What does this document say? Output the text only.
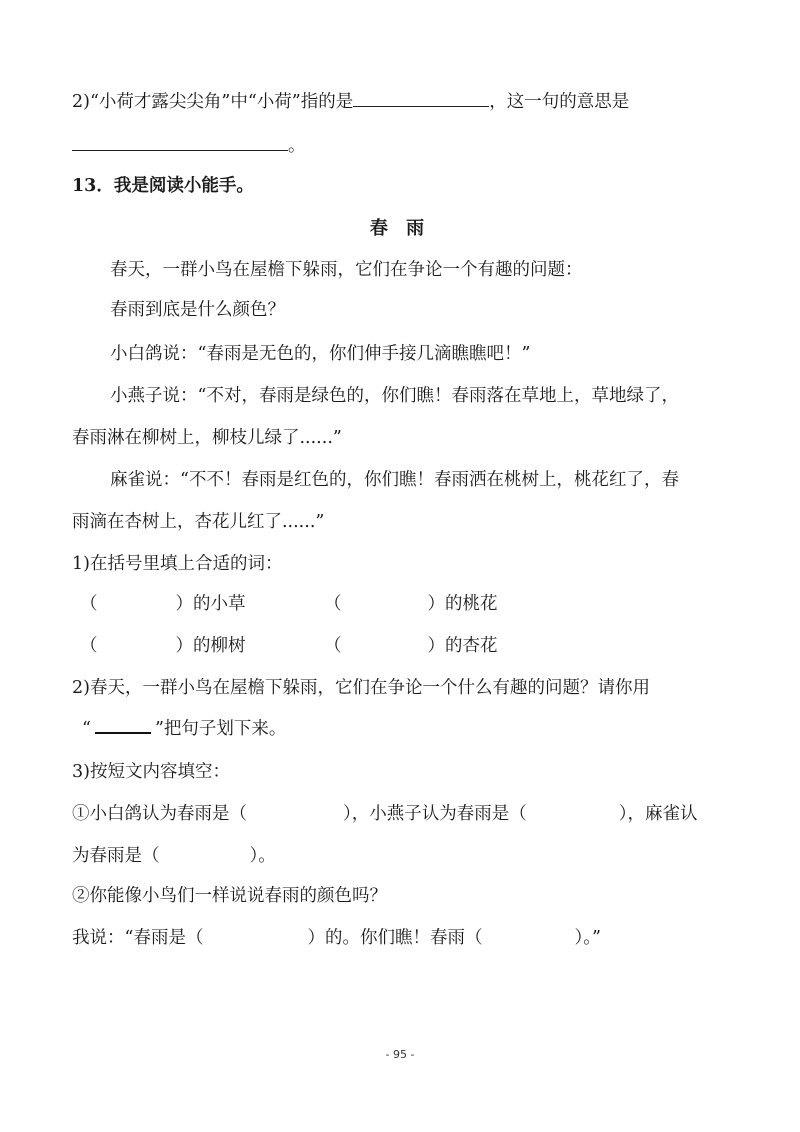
2)“小荷才露尖尖角”中“小荷”指的是	，这一句的意思是
。
13．我是阅读小能手。
春 雨
春天，一群小鸟在屋檐下躲雨，它们在争论一个有趣的问题：
春雨到底是什么颜色？
小白鸽说：“春雨是无色的，你们伸手接几滴瞧瞧吧！”
小燕子说：“不对，春雨是绿色的，你们瞧！春雨落在草地上，草地绿了，
春雨淋在柳树上，柳枝儿绿了......”
麻雀说：“不不！春雨是红色的，你们瞧！春雨洒在桃树上，桃花红了，春
雨滴在杏树上，杏花儿红了......”
1)在括号里填上合适的词：
（	）的小草	（	）的桃花
（	）的柳树	（	）的杏花
2)春天，一群小鸟在屋檐下躲雨，它们在争论一个什么有趣的问题？请你用
“	”把句子划下来。
3)按短文内容填空：
①小白鸽认为春雨是（	），小燕子认为春雨是（	），麻雀认
为春雨是（	）。
②你能像小鸟们一样说说春雨的颜色吗？
我说：“春雨是（	）的。你们瞧！春雨（	）。”
- 95 -
